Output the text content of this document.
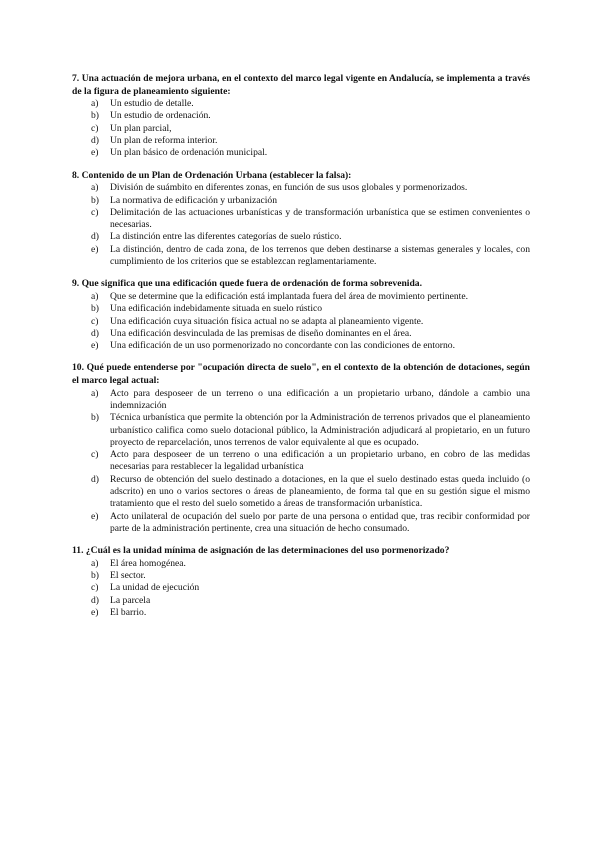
7. Una actuación de mejora urbana, en el contexto del marco legal vigente en Andalucía, se implementa a través de la figura de planeamiento siguiente:
a) Un estudio de detalle.
b) Un estudio de ordenación.
c) Un plan parcial,
d) Un plan de reforma interior.
e) Un plan básico de ordenación municipal.
8. Contenido de un Plan de Ordenación Urbana (establecer la falsa):
a) División de suámbito en diferentes zonas, en función de sus usos globales y pormenorizados.
b) La normativa de edificación y urbanización
c) Delimitación de las actuaciones urbanísticas y de transformación urbanística que se estimen convenientes o necesarias.
d) La distinción entre las diferentes categorías de suelo rústico.
e) La distinción, dentro de cada zona, de los terrenos que deben destinarse a sistemas generales y locales, con cumplimiento de los criterios que se establezcan reglamentariamente.
9. Que significa que una edificación quede fuera de ordenación de forma sobrevenida.
a) Que se determine que la edificación está implantada fuera del área de movimiento pertinente.
b) Una edificación indebidamente situada en suelo rústico
c) Una edificación cuya situación física actual no se adapta al planeamiento vigente.
d) Una edificación desvinculada de las premisas de diseño dominantes en el área.
e) Una edificación de un uso pormenorizado no concordante con las condiciones de entorno.
10. Qué puede entenderse por "ocupación directa de suelo", en el contexto de la obtención de dotaciones, según el marco legal actual:
a) Acto para desposeer de un terreno o una edificación a un propietario urbano, dándole a cambio una indemnización
b) Técnica urbanística que permite la obtención por la Administración de terrenos privados que el planeamiento urbanístico califica como suelo dotacional público, la Administración adjudicará al propietario, en un futuro proyecto de reparcelación, unos terrenos de valor equivalente al que es ocupado.
c) Acto para desposeer de un terreno o una edificación a un propietario urbano, en cobro de las medidas necesarias para restablecer la legalidad urbanística
d) Recurso de obtención del suelo destinado a dotaciones, en la que el suelo destinado estas queda incluido (o adscrito) en uno o varios sectores o áreas de planeamiento, de forma tal que en su gestión sigue el mismo tratamiento que el resto del suelo sometido a áreas de transformación urbanística.
e) Acto unilateral de ocupación del suelo por parte de una persona o entidad que, tras recibir conformidad por parte de la administración pertinente, crea una situación de hecho consumado.
11. ¿Cuál es la unidad mínima de asignación de las determinaciones del uso pormenorizado?
a) El área homogénea.
b) El sector.
c) La unidad de ejecución
d) La parcela
e) El barrio.
